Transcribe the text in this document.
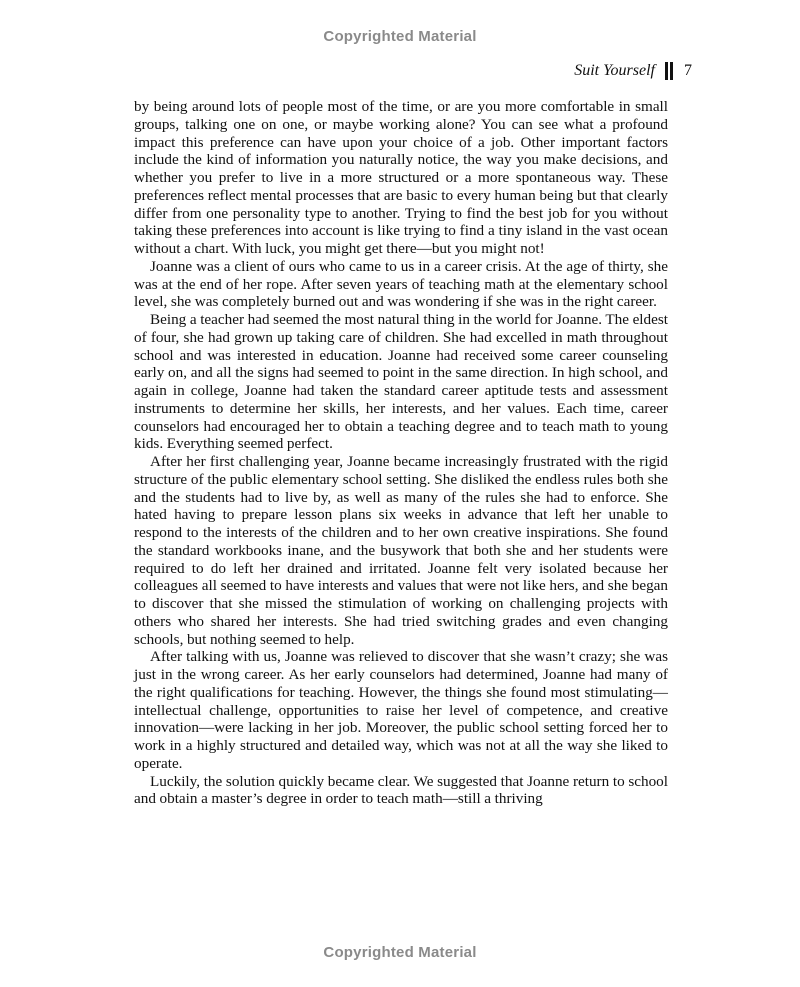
Copyrighted Material
Suit Yourself 7

by being around lots of people most of the time, or are you more comfortable in small groups, talking one on one, or maybe working alone? You can see what a profound impact this preference can have upon your choice of a job. Other important factors include the kind of information you naturally notice, the way you make decisions, and whether you prefer to live in a more structured or a more spontaneous way. These preferences reflect mental processes that are basic to every human being but that clearly differ from one personality type to another. Trying to find the best job for you without taking these preferences into account is like trying to find a tiny island in the vast ocean without a chart. With luck, you might get there—but you might not!

Joanne was a client of ours who came to us in a career crisis. At the age of thirty, she was at the end of her rope. After seven years of teaching math at the elementary school level, she was completely burned out and was wondering if she was in the right career.

Being a teacher had seemed the most natural thing in the world for Joanne. The eldest of four, she had grown up taking care of children. She had excelled in math throughout school and was interested in education. Joanne had received some career counseling early on, and all the signs had seemed to point in the same direction. In high school, and again in college, Joanne had taken the standard career aptitude tests and assessment instruments to determine her skills, her interests, and her values. Each time, career counselors had encouraged her to obtain a teaching degree and to teach math to young kids. Everything seemed perfect.

After her first challenging year, Joanne became increasingly frustrated with the rigid structure of the public elementary school setting. She disliked the endless rules both she and the students had to live by, as well as many of the rules she had to enforce. She hated having to prepare lesson plans six weeks in advance that left her unable to respond to the interests of the children and to her own creative inspirations. She found the standard workbooks inane, and the busywork that both she and her students were required to do left her drained and irritated. Joanne felt very isolated because her colleagues all seemed to have interests and values that were not like hers, and she began to discover that she missed the stimulation of working on challenging projects with others who shared her interests. She had tried switching grades and even changing schools, but nothing seemed to help.

After talking with us, Joanne was relieved to discover that she wasn’t crazy; she was just in the wrong career. As her early counselors had determined, Joanne had many of the right qualifications for teaching. However, the things she found most stimulating—intellectual challenge, opportunities to raise her level of competence, and creative innovation—were lacking in her job. Moreover, the public school setting forced her to work in a highly structured and detailed way, which was not at all the way she liked to operate.

Luckily, the solution quickly became clear. We suggested that Joanne return to school and obtain a master’s degree in order to teach math—still a thriving

Copyrighted Material
